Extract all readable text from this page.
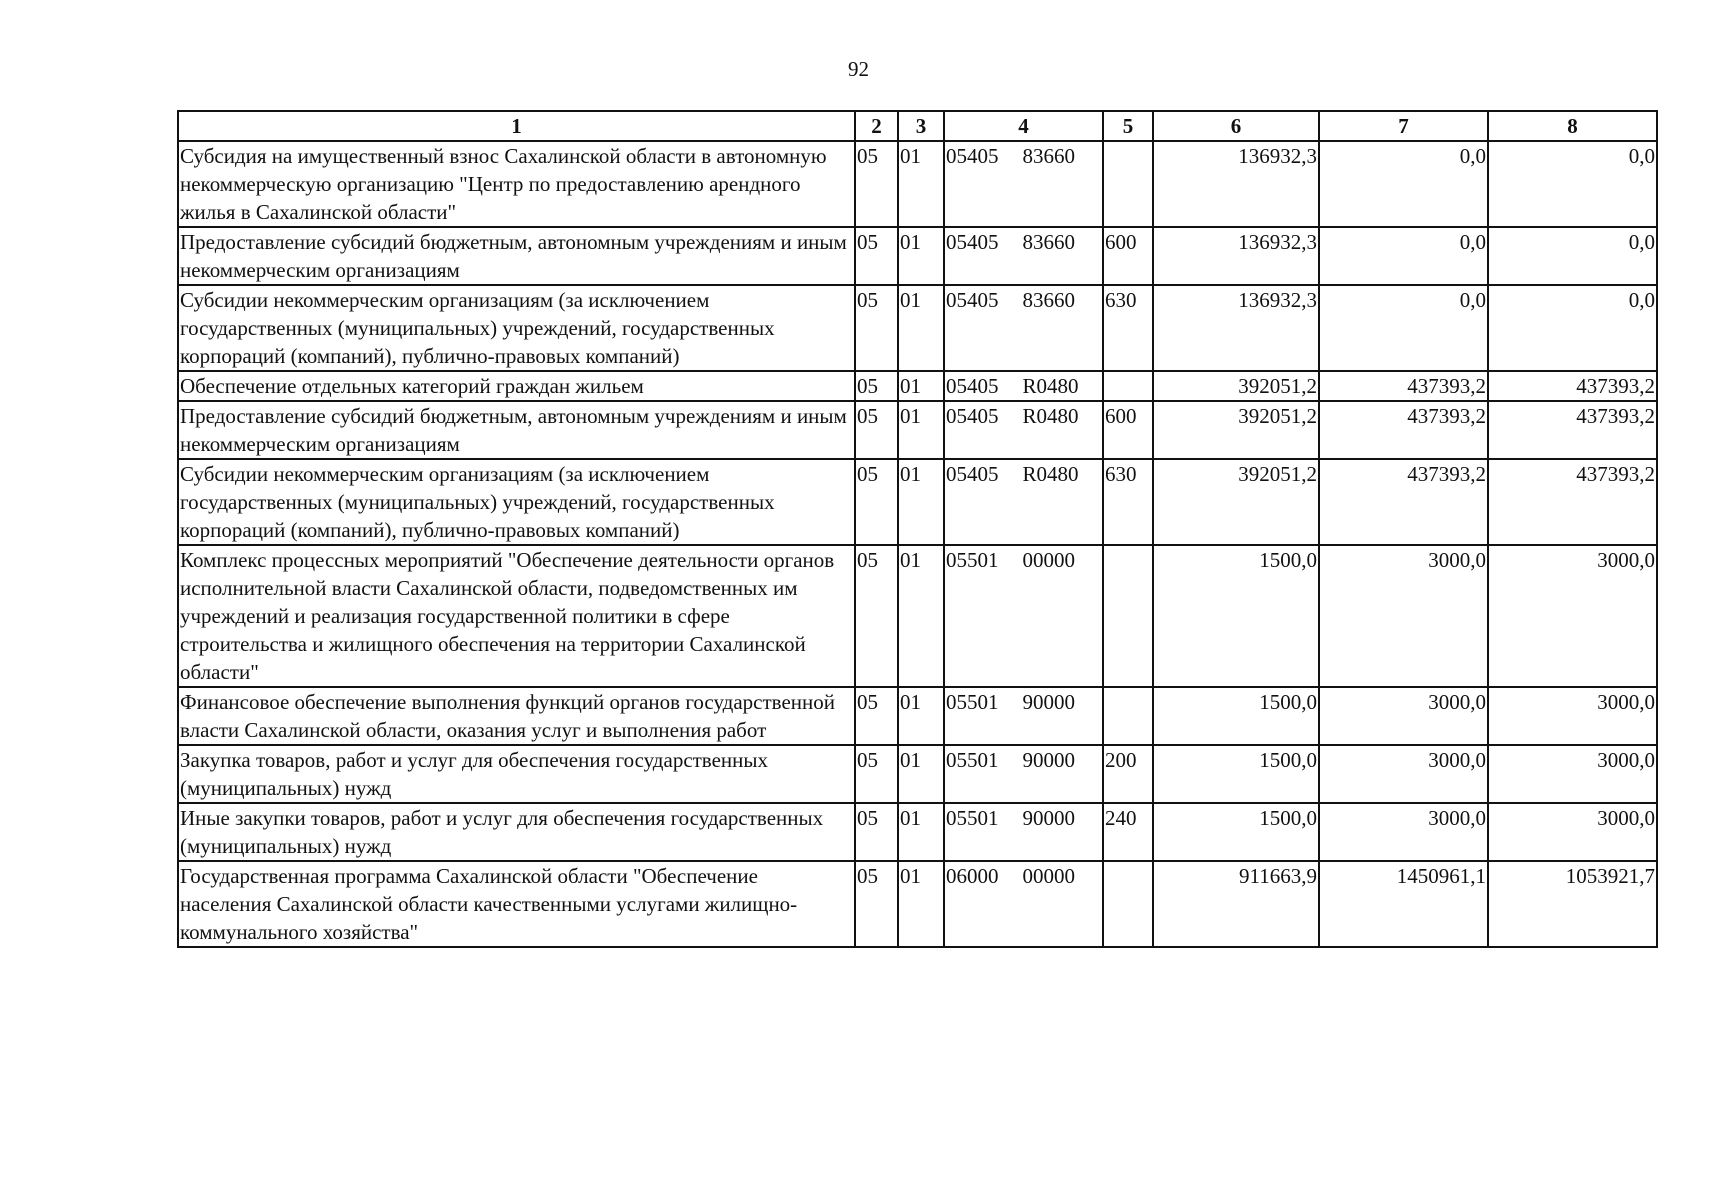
92
1	2	3	4	5	6	7	8
Субсидия на имущественный взнос Сахалинской области в автономную некоммерческую организацию "Центр по предоставлению арендного жилья в Сахалинской области"	05	01	05405 83660		136932,3	0,0	0,0
Предоставление субсидий бюджетным, автономным учреждениям и иным некоммерческим организациям	05	01	05405 83660	600	136932,3	0,0	0,0
Субсидии некоммерческим организациям (за исключением государственных (муниципальных) учреждений, государственных корпораций (компаний), публично-правовых компаний)	05	01	05405 83660	630	136932,3	0,0	0,0
Обеспечение отдельных категорий граждан жильем	05	01	05405 R0480		392051,2	437393,2	437393,2
Предоставление субсидий бюджетным, автономным учреждениям и иным некоммерческим организациям	05	01	05405 R0480	600	392051,2	437393,2	437393,2
Субсидии некоммерческим организациям (за исключением государственных (муниципальных) учреждений, государственных корпораций (компаний), публично-правовых компаний)	05	01	05405 R0480	630	392051,2	437393,2	437393,2
Комплекс процессных мероприятий "Обеспечение деятельности органов исполнительной власти Сахалинской области, подведомственных им учреждений и реализация государственной политики в сфере строительства и жилищного обеспечения на территории Сахалинской области"	05	01	05501 00000		1500,0	3000,0	3000,0
Финансовое обеспечение выполнения функций органов государственной власти Сахалинской области, оказания услуг и выполнения работ	05	01	05501 90000		1500,0	3000,0	3000,0
Закупка товаров, работ и услуг для обеспечения государственных (муниципальных) нужд	05	01	05501 90000	200	1500,0	3000,0	3000,0
Иные закупки товаров, работ и услуг для обеспечения государственных (муниципальных) нужд	05	01	05501 90000	240	1500,0	3000,0	3000,0
Государственная программа Сахалинской области "Обеспечение населения Сахалинской области качественными услугами жилищно-коммунального хозяйства"	05	01	06000 00000		911663,9	1450961,1	1053921,7
